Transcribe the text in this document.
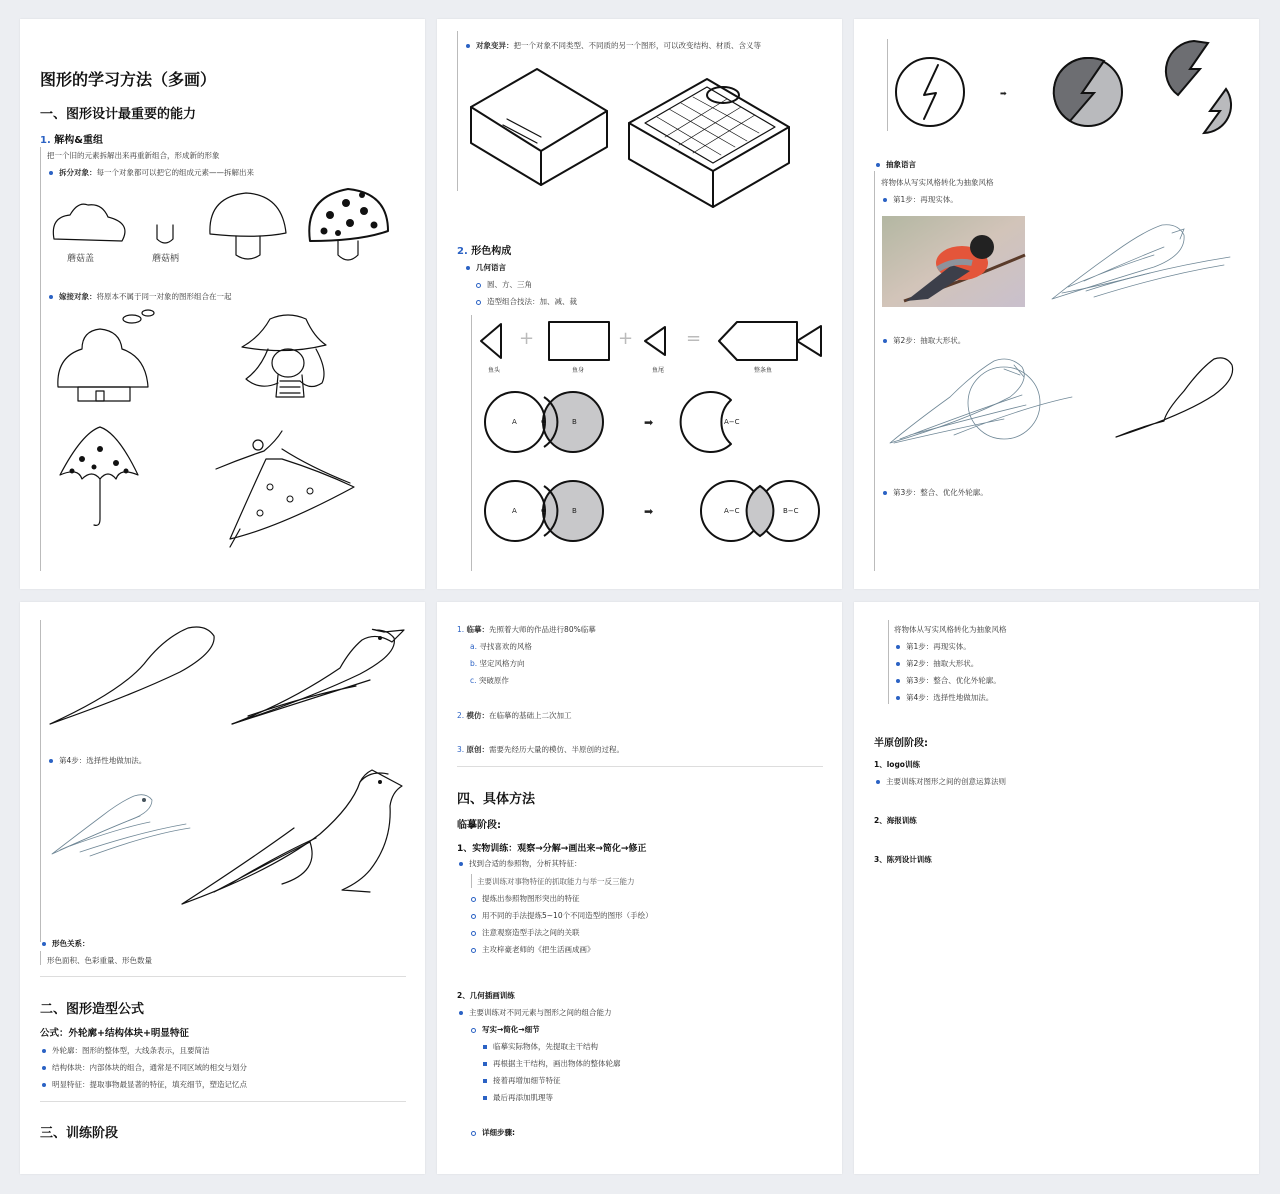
图形的学习方法（多画）
一、图形设计最重要的能力
1. 解构&重组
把一个旧的元素拆解出来再重新组合，形成新的形象
拆分对象：每一个对象都可以把它的组成元素——拆解出来
蘑菇盖	蘑菇柄
嫁接对象：将原本不属于同一对象的图形组合在一起
对象变异：把一个对象不同类型、不同质的另一个图形，可以改变结构、材质、含义等
2. 形色构成
几何语言
圆、方、三角
造型组合技法：加、减、裁
+	+	=
鱼头	鱼身	鱼尾	整条鱼
A	C	B	➡	A−C
A	C	B	➡	A−C	B−C
➡
抽象语言
将物体从写实风格转化为抽象风格
第1步：再现实体。
第2步：抽取大形状。
第3步：整合、优化外轮廓。
第4步：选择性地做加法。
形色关系：
形色面积、色彩重量、形色数量
二、图形造型公式
公式：外轮廓+结构体块+明显特征
外轮廓：图形的整体型，大线条表示，且要简洁
结构体块：内部体块的组合，通常是不同区域的相交与划分
明显特征：提取事物最显著的特征，填充细节，塑造记忆点
三、训练阶段
1. 临摹：先照着大师的作品进行80%临摹
a. 寻找喜欢的风格
b. 坚定风格方向
c. 突破原作
2. 模仿：在临摹的基础上二次加工
3. 原创：需要先经历大量的模仿、半原创的过程。
四、具体方法
临摹阶段:
1、实物训练：观察→分解→画出来→简化→修正
找到合适的参照物，分析其特征：
主要训练对事物特征的抓取能力与举一反三能力
提炼出参照物图形突出的特征
用不同的手法提炼5~10个不同造型的图形（手绘）
注意观察造型手法之间的关联
主攻梓豪老师的《把生活画成画》
2、几何插画训练
主要训练对不同元素与图形之间的组合能力
写实→简化→细节
临摹实际物体，先提取主干结构
再根据主干结构，画出物体的整体轮廓
接着再增加细节特征
最后再添加肌理等
详细步骤:
将物体从写实风格转化为抽象风格
第1步：再现实体。
第2步：抽取大形状。
第3步：整合、优化外轮廓。
第4步：选择性地做加法。
半原创阶段:
1、logo训练
主要训练对图形之间的创意运算法则
2、海报训练
3、陈列设计训练
